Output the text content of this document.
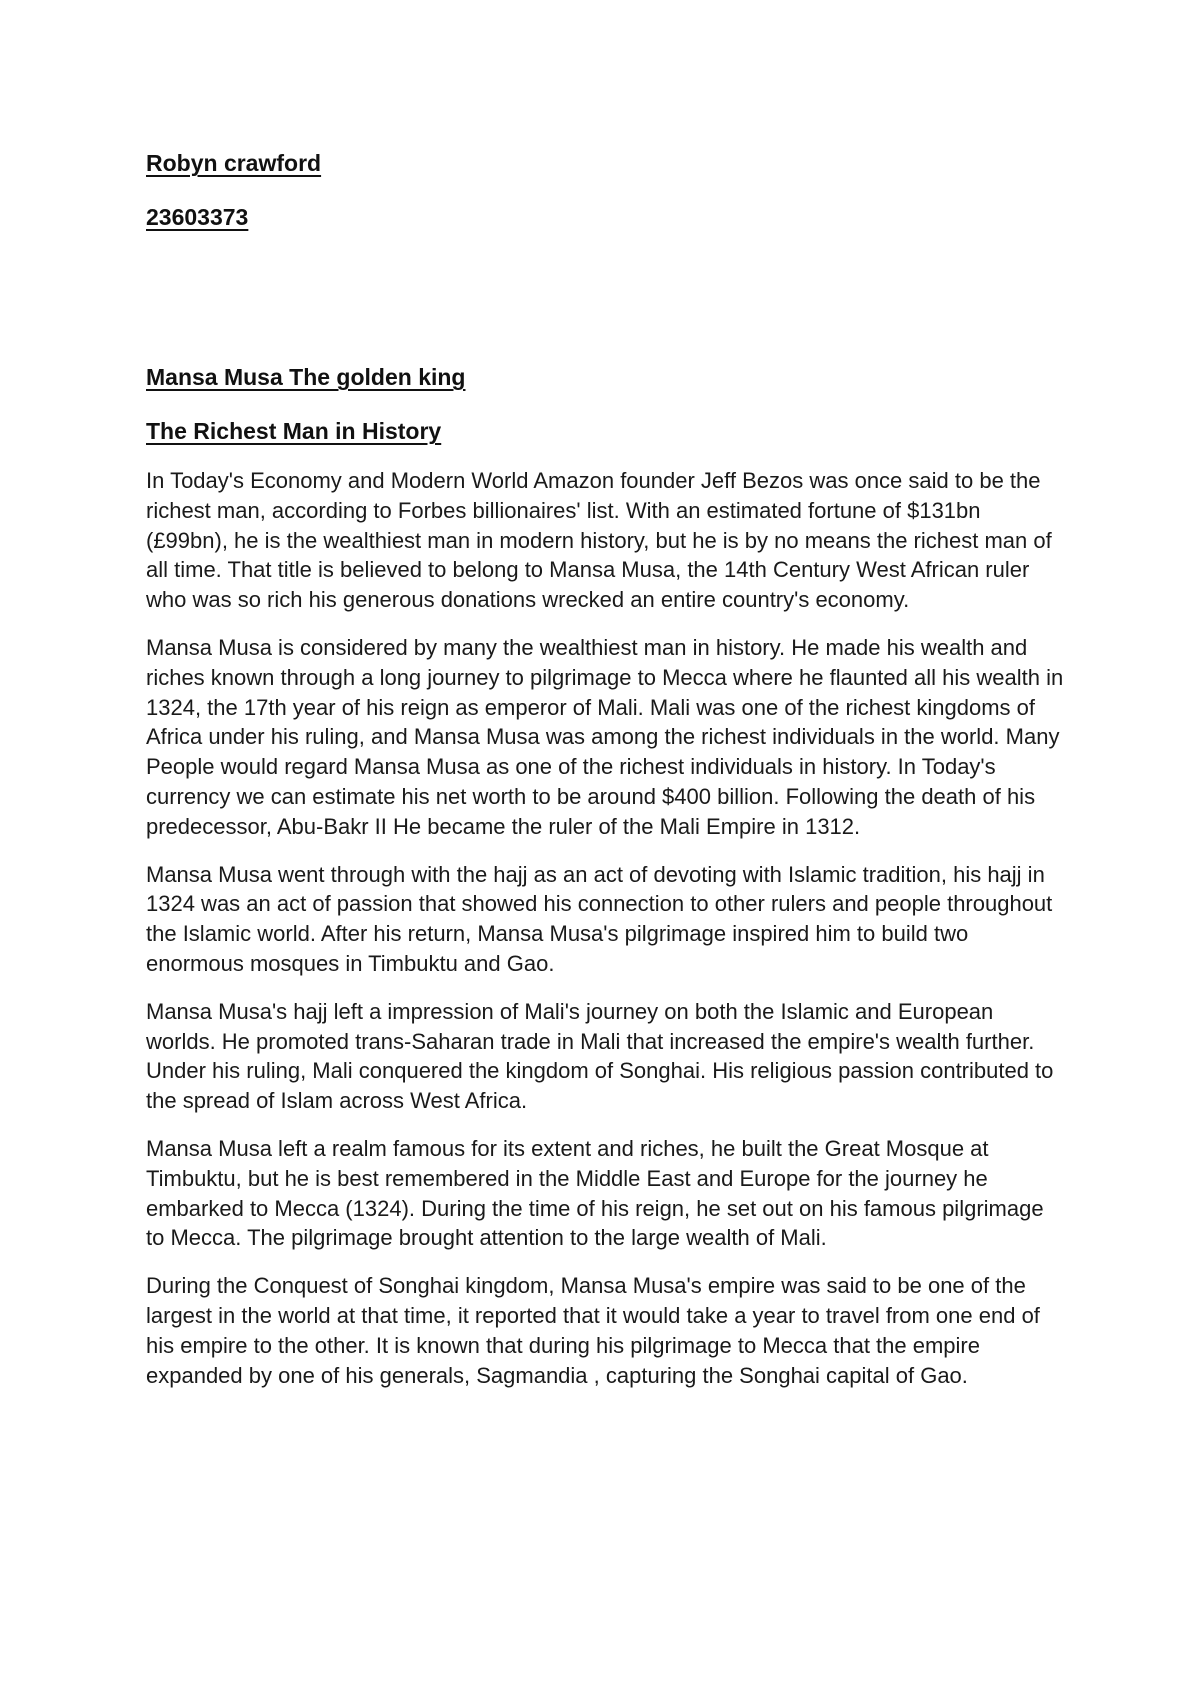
Robyn crawford
23603373
Mansa Musa The golden king
The Richest Man in History

In Today's Economy and Modern World Amazon founder Jeff Bezos was once said to be the richest man, according to Forbes billionaires' list. With an estimated fortune of $131bn (£99bn), he is the wealthiest man in modern history, but he is by no means the richest man of all time. That title is believed to belong to Mansa Musa, the 14th Century West African ruler who was so rich his generous donations wrecked an entire country's economy.

Mansa Musa is considered by many the wealthiest man in history. He made his wealth and riches known through a long journey to pilgrimage to Mecca where he flaunted all his wealth in 1324, the 17th year of his reign as emperor of Mali. Mali was one of the richest kingdoms of Africa under his ruling, and Mansa Musa was among the richest individuals in the world. Many People would regard Mansa Musa as one of the richest individuals in history. In Today's currency we can estimate his net worth to be around $400 billion. Following the death of his predecessor, Abu-Bakr II He became the ruler of the Mali Empire in 1312.

Mansa Musa went through with the hajj as an act of devoting with Islamic tradition, his hajj in 1324 was an act of passion that showed his connection to other rulers and people throughout the Islamic world. After his return, Mansa Musa's pilgrimage inspired him to build two enormous mosques in Timbuktu and Gao.

Mansa Musa's hajj left a impression of Mali's journey on both the Islamic and European worlds. He promoted trans-Saharan trade in Mali that increased the empire's wealth further. Under his ruling, Mali conquered the kingdom of Songhai. His religious passion contributed to the spread of Islam across West Africa.

Mansa Musa left a realm famous for its extent and riches, he built the Great Mosque at Timbuktu, but he is best remembered in the Middle East and Europe for the journey he embarked to Mecca (1324). During the time of his reign, he set out on his famous pilgrimage to Mecca. The pilgrimage brought attention to the large wealth of Mali.

During the Conquest of Songhai kingdom, Mansa Musa's empire was said to be one of the largest in the world at that time, it reported that it would take a year to travel from one end of his empire to the other. It is known that during his pilgrimage to Mecca that the empire expanded by one of his generals, Sagmandia , capturing the Songhai capital of Gao.
